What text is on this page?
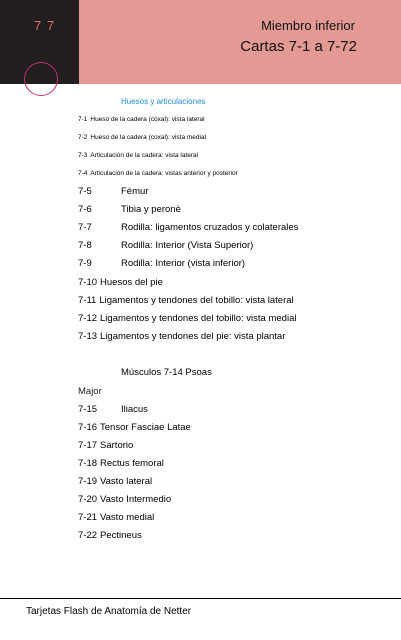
7 7	Miembro inferior
Cartas 7-1 a 7-72
Huesos y articulaciones
7-1 Hueso de la cadera (coxal): vista lateral
7-2 Hueso de la cadera (coxal): vista medial
7-3 Articulación de la cadera: vista lateral
7-4 Articulación de la cadera: vistas anterior y posterior
7-5	Fémur
7-6	Tibia y peronè
7-7	Rodilla: ligamentos cruzados y colaterales
7-8	Rodilla: Interior (Vista Superior)
7-9	Rodilla: Interior (vista inferior)
7-10 Huesos del pie
7-11 Ligamentos y tendones del tobillo: vista lateral
7-12 Ligamentos y tendones del tobillo: vista medial
7-13 Ligamentos y tendones del pie: vista plantar
Músculos 7-14 Psoas
Major
7-15	Iliacus
7-16 Tensor Fasciae Latae
7-17 Sartorio
7-18 Rectus femoral
7-19 Vasto lateral
7-20 Vasto Intermedio
7-21 Vasto medial
7-22 Pectineus
Tarjetas Flash de Anatomía de Netter
